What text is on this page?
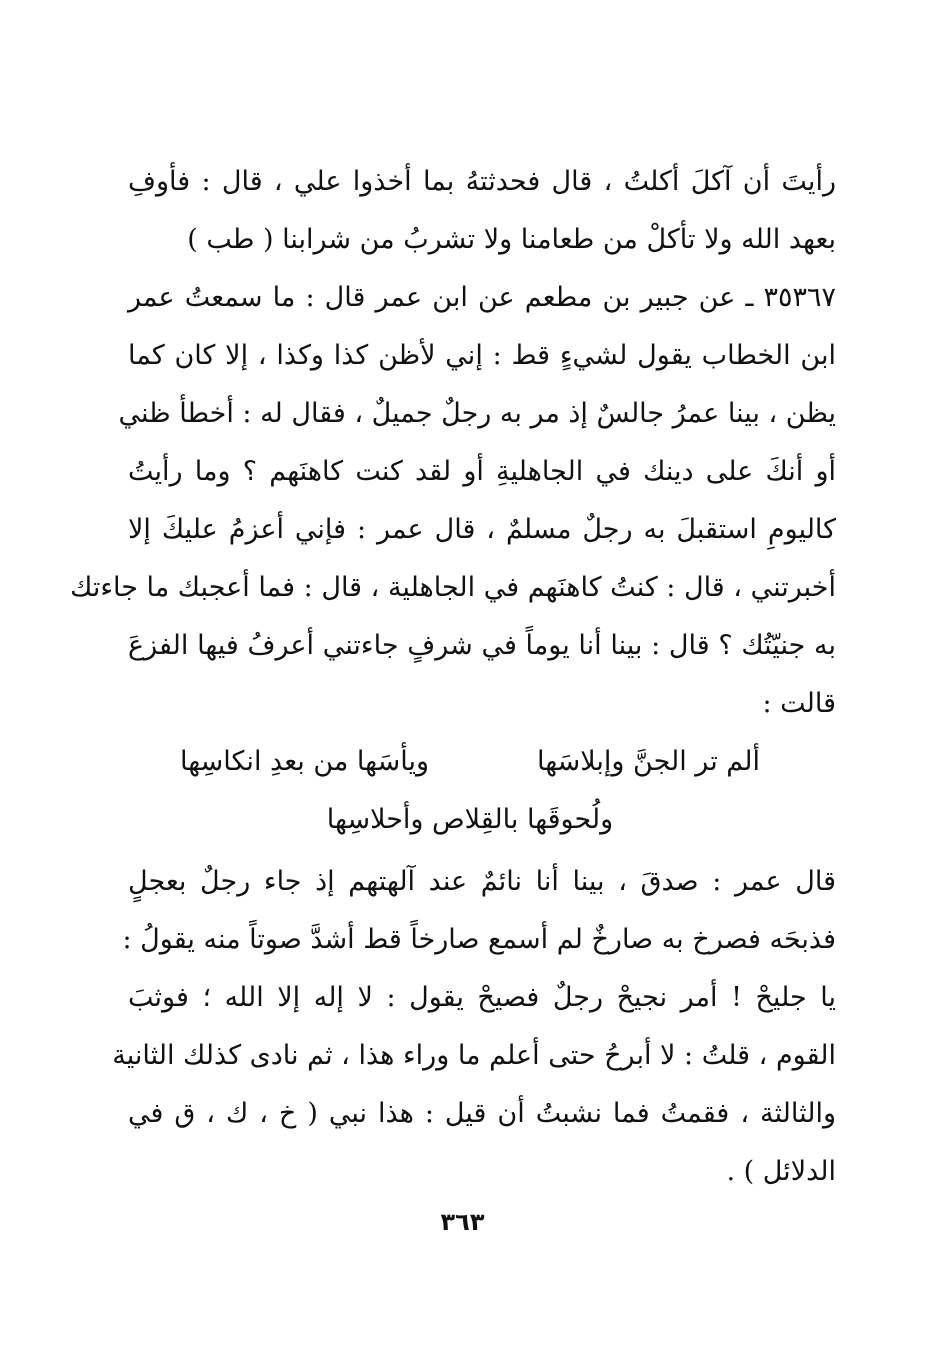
رأيتَ أن آكلَ أكلتُ ، قال فحدثتهُ بما أخذوا علي ، قال : فأوفِ
بعهد الله ولا تأكلْ من طعامنا ولا تشربُ من شرابنا ( طب )
٣٥٣٦٧ ـ عن جبير بن مطعم عن ابن عمر قال : ما سمعتُ عمر
ابن الخطاب يقول لشيءٍ قط : إني لأظن كذا وكذا ، إلا كان كما
يظن ، بينا عمرُ جالسٌ إذ مر به رجلٌ جميلٌ ، فقال له : أخطأ ظني
أو أنكَ على دينك في الجاهليةِ أو لقد كنت كاهنَهم ؟ وما رأيتُ
كاليومِ استقبلَ به رجلٌ مسلمٌ ، قال عمر : فإني أعزمُ عليكَ إلا
أخبرتني ، قال : كنتُ كاهنَهم في الجاهلية ، قال : فما أعجبك ما جاءتك
به جنيّتُك ؟ قال : بينا أنا يوماً في شرفٍ جاءتني أعرفُ فيها الفزعَ
قالت :
ألم تر الجنَّ وإبلاسَها
ويأسَها من بعدِ انكاسِها
ولُحوقَها بالقِلاص وأحلاسِها
قال عمر : صدقَ ، بينا أنا نائمٌ عند آلهتهم إذ جاء رجلٌ بعجلٍ
فذبحَه فصرخ به صارخٌ لم أسمع صارخاً قط أشدَّ صوتاً منه يقولُ :
يا جليحْ ! أمر نجيحْ رجلٌ فصيحْ يقول : لا إله إلا الله ؛ فوثبَ
القوم ، قلتُ : لا أبرحُ حتى أعلم ما وراء هذا ، ثم نادى كذلك الثانية
والثالثة ، فقمتُ فما نشبتُ أن قيل : هذا نبي ( خ ، ك ، ق في
الدلائل ) .
٣٦٣
